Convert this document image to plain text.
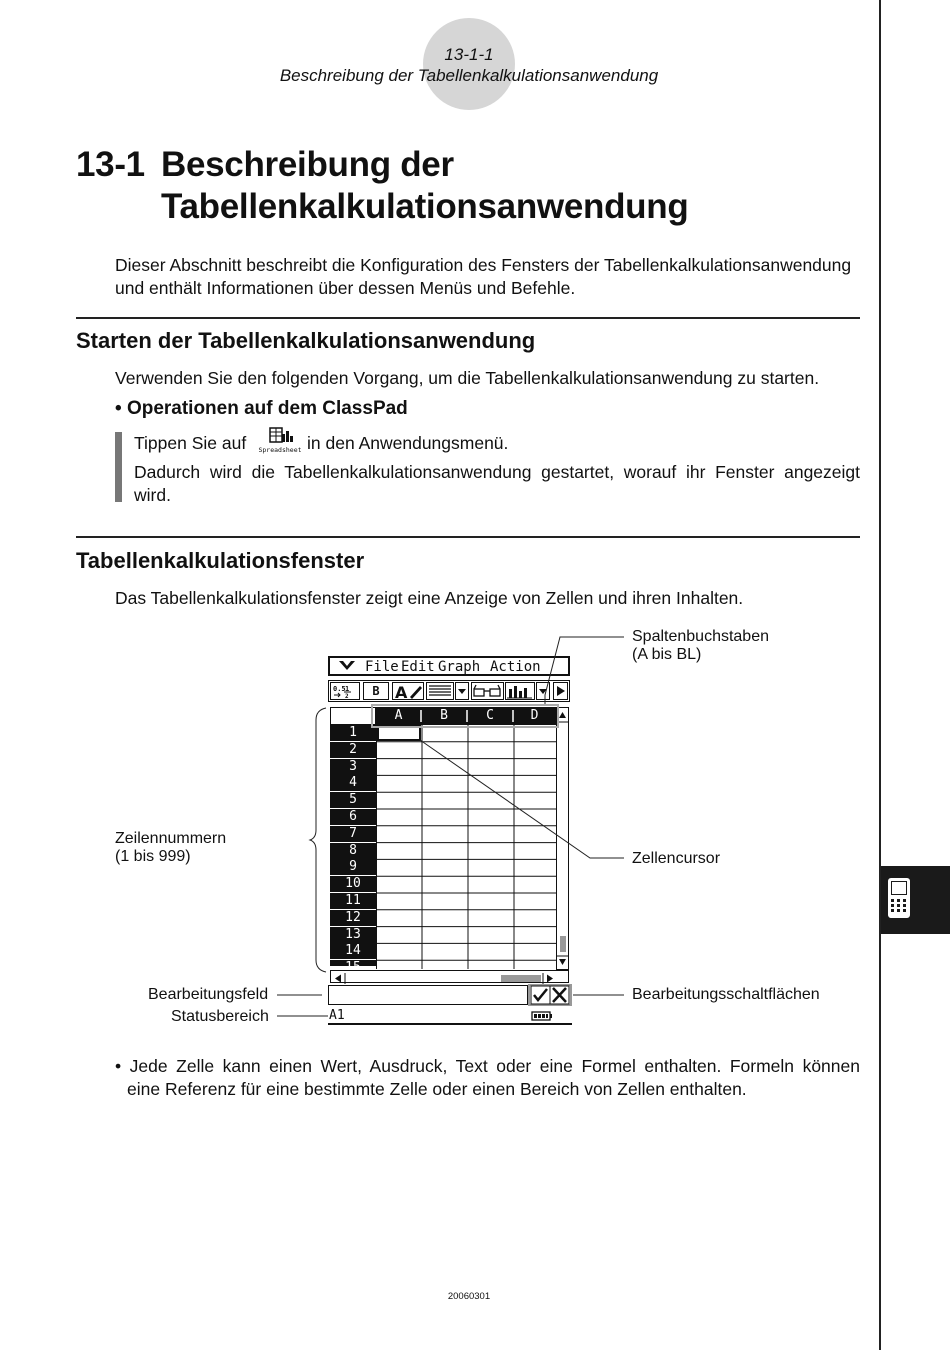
13-1-1
Beschreibung der Tabellenkalkulationsanwendung
13-1 Beschreibung der
Tabellenkalkulationsanwendung
Dieser Abschnitt beschreibt die Konfiguration des Fensters der Tabellenkalkulationsanwendung
und enthält Informationen über dessen Menüs und Befehle.
Starten der Tabellenkalkulationsanwendung
Verwenden Sie den folgenden Vorgang, um die Tabellenkalkulationsanwendung zu starten.
• Operationen auf dem ClassPad
Tippen Sie auf	Spreadsheet in den Anwendungsmenü.
Dadurch wird die Tabellenkalkulationsanwendung gestartet, worauf ihr Fenster angezeigt
wird.
Tabellenkalkulationsfenster
Das Tabellenkalkulationsfenster zeigt eine Anzeige von Zellen und ihren Inhalten.
File Edit Graph Action
0.5 1
2	B A
A	B	C	D
1
2
3
4
5
6
7
8
9
10
11
12
13
14
15
A1
Spaltenbuchstaben (A bis BL)
Zeilennummern (1 bis 999)	Zellencursor
Bearbeitungsfeld
Statusbereich
Bearbeitungsschaltflächen
• Jede Zelle kann einen Wert, Ausdruck, Text oder eine Formel enthalten. Formeln können
eine Referenz für eine bestimmte Zelle oder einen Bereich von Zellen enthalten.
20060301
